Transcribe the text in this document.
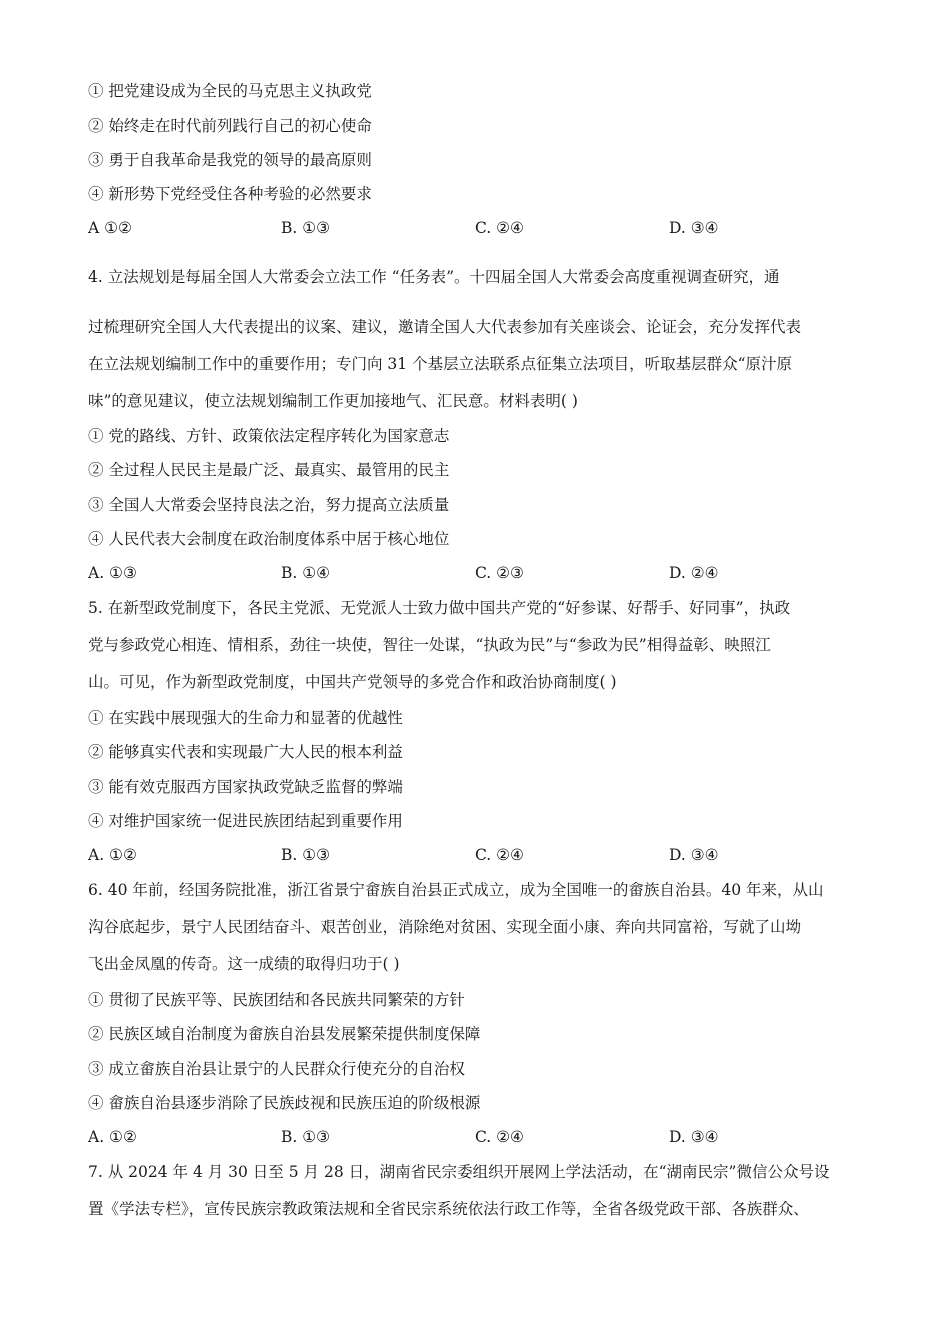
① 把党建设成为全民的马克思主义执政党

② 始终走在时代前列践行自己的初心使命

③ 勇于自我革命是我党的领导的最高原则

④ 新形势下党经受住各种考验的必然要求

A ①②	B. ①③	C. ②④	D. ③④

4. 立法规划是每届全国人大常委会立法工作 “任务表”。十四届全国人大常委会高度重视调查研究，通

过梳理研究全国人大代表提出的议案、建议，邀请全国人大代表参加有关座谈会、论证会，充分发挥代表

在立法规划编制工作中的重要作用；专门向 31 个基层立法联系点征集立法项目，听取基层群众“原汁原

味”的意见建议，使立法规划编制工作更加接地气、汇民意。材料表明( )

① 党的路线、方针、政策依法定程序转化为国家意志

② 全过程人民民主是最广泛、最真实、最管用的民主

③ 全国人大常委会坚持良法之治，努力提高立法质量

④ 人民代表大会制度在政治制度体系中居于核心地位

A. ①③	B. ①④	C. ②③	D. ②④

5. 在新型政党制度下，各民主党派、无党派人士致力做中国共产党的“好参谋、好帮手、好同事”，执政

党与参政党心相连、情相系，劲往一块使，智往一处谋，“执政为民”与“参政为民”相得益彰、映照江

山。可见，作为新型政党制度，中国共产党领导的多党合作和政治协商制度( )

① 在实践中展现强大的生命力和显著的优越性

② 能够真实代表和实现最广大人民的根本利益

③ 能有效克服西方国家执政党缺乏监督的弊端

④ 对维护国家统一促进民族团结起到重要作用

A. ①②	B. ①③	C. ②④	D. ③④

6. 40 年前，经国务院批准，浙江省景宁畲族自治县正式成立，成为全国唯一的畲族自治县。40 年来，从山

沟谷底起步，景宁人民团结奋斗、艰苦创业，消除绝对贫困、实现全面小康、奔向共同富裕，写就了山坳

飞出金凤凰的传奇。这一成绩的取得归功于( )

① 贯彻了民族平等、民族团结和各民族共同繁荣的方针

② 民族区域自治制度为畲族自治县发展繁荣提供制度保障

③ 成立畲族自治县让景宁的人民群众行使充分的自治权

④ 畲族自治县逐步消除了民族歧视和民族压迫的阶级根源

A. ①②	B. ①③	C. ②④	D. ③④

7. 从 2024 年 4 月 30 日至 5 月 28 日，湖南省民宗委组织开展网上学法活动，在“湖南民宗”微信公众号设

置《学法专栏》，宣传民族宗教政策法规和全省民宗系统依法行政工作等，全省各级党政干部、各族群众、
